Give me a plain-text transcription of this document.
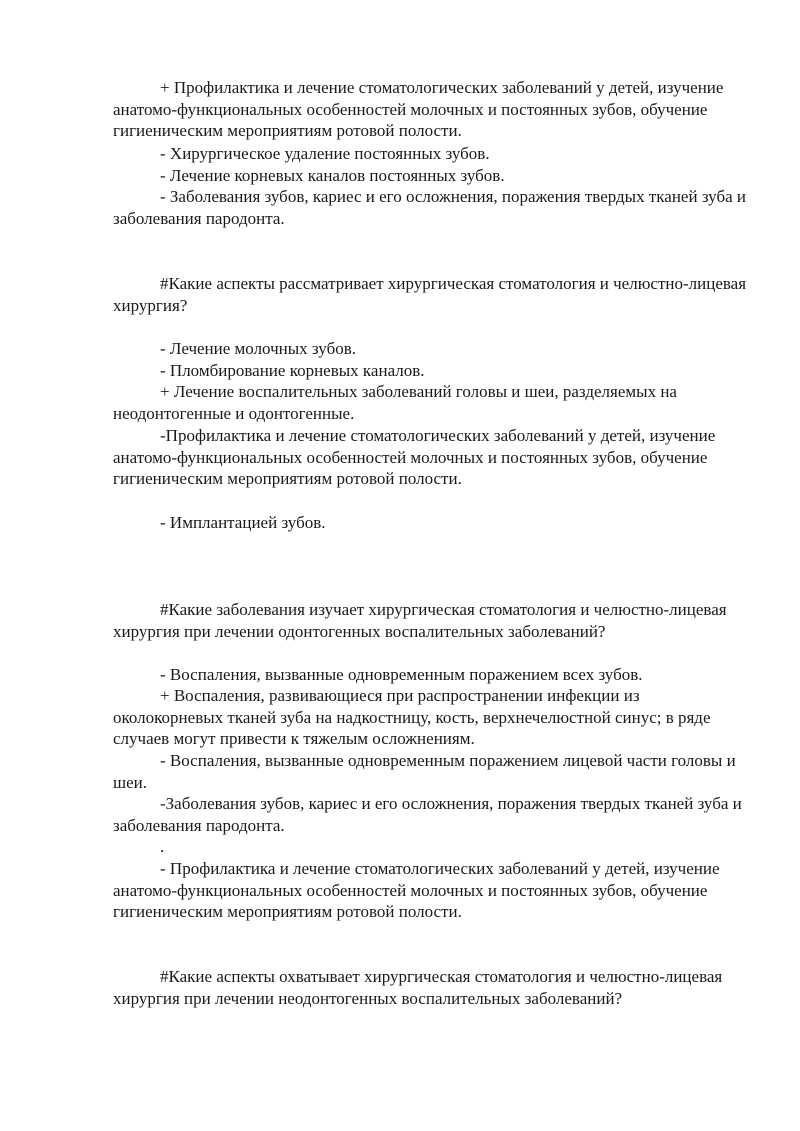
+ Профилактика и лечение стоматологических заболеваний у детей, изучение анатомо-функциональных особенностей молочных и постоянных зубов, обучение гигиеническим мероприятиям ротовой полости.

- Хирургическое удаление постоянных зубов.

- Лечение корневых каналов постоянных зубов.

- Заболевания зубов, кариес и его осложнения, поражения твердых тканей зуба и заболевания пародонта.

#Какие аспекты рассматривает хирургическая стоматология и челюстно-лицевая хирургия?

- Лечение молочных зубов.

- Пломбирование корневых каналов.

+ Лечение воспалительных заболеваний головы и шеи, разделяемых на неодонтогенные и одонтогенные.

-Профилактика и лечение стоматологических заболеваний у детей, изучение анатомо-функциональных особенностей молочных и постоянных зубов, обучение гигиеническим мероприятиям ротовой полости.

- Имплантацией зубов.

#Какие заболевания изучает хирургическая стоматология и челюстно-лицевая хирургия при лечении одонтогенных воспалительных заболеваний?

- Воспаления, вызванные одновременным поражением всех зубов.

+ Воспаления, развивающиеся при распространении инфекции из околокорневых тканей зуба на надкостницу, кость, верхнечелюстной синус; в ряде случаев могут привести к тяжелым осложнениям.

- Воспаления, вызванные одновременным поражением лицевой части головы и шеи.

-Заболевания зубов, кариес и его осложнения, поражения твердых тканей зуба и заболевания пародонта.

.

- Профилактика и лечение стоматологических заболеваний у детей, изучение анатомо-функциональных особенностей молочных и постоянных зубов, обучение гигиеническим мероприятиям ротовой полости.

#Какие аспекты охватывает хирургическая стоматология и челюстно-лицевая хирургия при лечении неодонтогенных воспалительных заболеваний?
